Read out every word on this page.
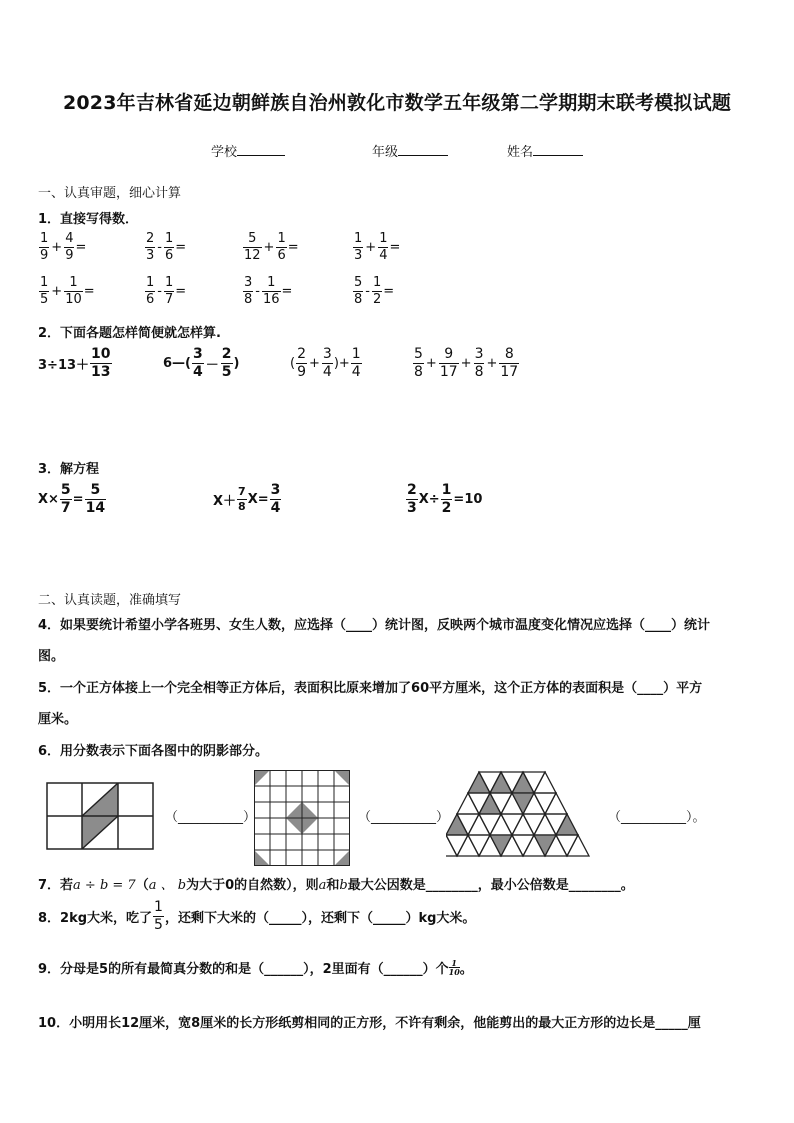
2023年吉林省延边朝鲜族自治州敦化市数学五年级第二学期期末联考模拟试题
学校	年级	姓名
一、认真审题，细心计算
1．直接写得数．
$\frac{1}{9} + \frac{4}{9}$ =	$\frac{2}{3} - \frac{1}{6}$ =	$\frac{5}{12} + \frac{1}{6}$ =	$\frac{1}{3} + \frac{1}{4}$ =
$\frac{1}{5} + \frac{1}{10}$ =	$\frac{1}{6} - \frac{1}{7}$ =	$\frac{3}{8} - \frac{1}{16}$ =	$\frac{5}{8} - \frac{1}{2}$ =
2．下面各题怎样简便就怎样算.
$3\div 13+ \frac{10}{13}$	6—( $\frac{3}{4} - \frac{2}{5}$ )	( $\frac{2}{9} + \frac{3}{4}$ )+ $\frac{1}{4}$	$\frac{5}{8} + \frac{9}{17} + \frac{3}{8} + \frac{8}{17}$
3．解方程
$X\times \frac{5}{7} = \frac{5}{14}$	$X+ \frac{7}{8} X= \frac{3}{4}$	$\frac{2}{3} X\div \frac{1}{2} =10$
二、认真读题，准确填写
4．如果要统计希望小学各班男、女生人数，应选择（____）统计图，反映两个城市温度变化情况应选择（____）统计
图。
5．一个正方体接上一个完全相等正方体后，表面积比原来增加了60平方厘米，这个正方体的表面积是（____）平方
厘米。
6．用分数表示下面各图中的阴影部分。
（__________）	（__________）	（__________）。
7．若a ÷ b = 7（a 、 b为大于0的自然数），则a和b最大公因数是________，最小公倍数是________。
8．2kg大米，吃了 $\frac{1}{5}$ ，还剩下大米的（_____），还剩下（_____）kg大米。
9．分母是5的所有最简真分数的和是（______），2里面有（______）个 $\frac{1}{10}$ 。
10．小明用长12厘米，宽8厘米的长方形纸剪相同的正方形，不许有剩余，他能剪出的最大正方形的边长是_____厘
